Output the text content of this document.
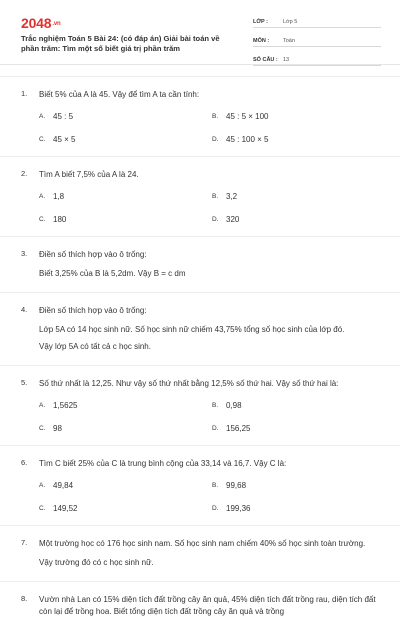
2048.vn
Trắc nghiệm Toán 5 Bài 24: (có đáp án) Giải bài toán về phần trăm: Tìm một số biết giá trị phần trăm
LỚP :	Lớp 5
MÔN :	Toán
SỐ CÂU : 13
1. Biết 5% của A là 45. Vậy để tìm A ta cần tính:
A. 45 : 5	B. 45 : 5 × 100
C. 45 × 5	D. 45 : 100 × 5
2. Tìm A biết 7,5% của A là 24.
A. 1,8	B. 3,2
C. 180	D. 320
3. Điền số thích hợp vào ô trống:
Biết 3,25% của B là 5,2dm. Vậy B = c dm
4. Điền số thích hợp vào ô trống:
Lớp 5A có 14 học sinh nữ. Số học sinh nữ chiếm 43,75% tổng số học sinh của lớp đó.
Vậy lớp 5A có tất cả c học sinh.
5. Số thứ nhất là 12,25. Như vậy số thứ nhất bằng 12,5% số thứ hai. Vậy số thứ hai là:
A. 1,5625	B. 0,98
C. 98	D. 156,25
6. Tìm C biết 25% của C là trung bình cộng của 33,14 và 16,7. Vậy C là:
A. 49,84	B. 99,68
C. 149,52	D. 199,36
7. Một trường học có 176 học sinh nam. Số học sinh nam chiếm 40% số học sinh toàn trường.
Vậy trường đó có c học sinh nữ.
8. Vườn nhà Lan có 15% diện tích đất trồng cây ăn quả, 45% diện tích đất trồng rau, diện tích đất còn lại để trồng hoa. Biết tổng diện tích đất trồng cây ăn quả và trồng
